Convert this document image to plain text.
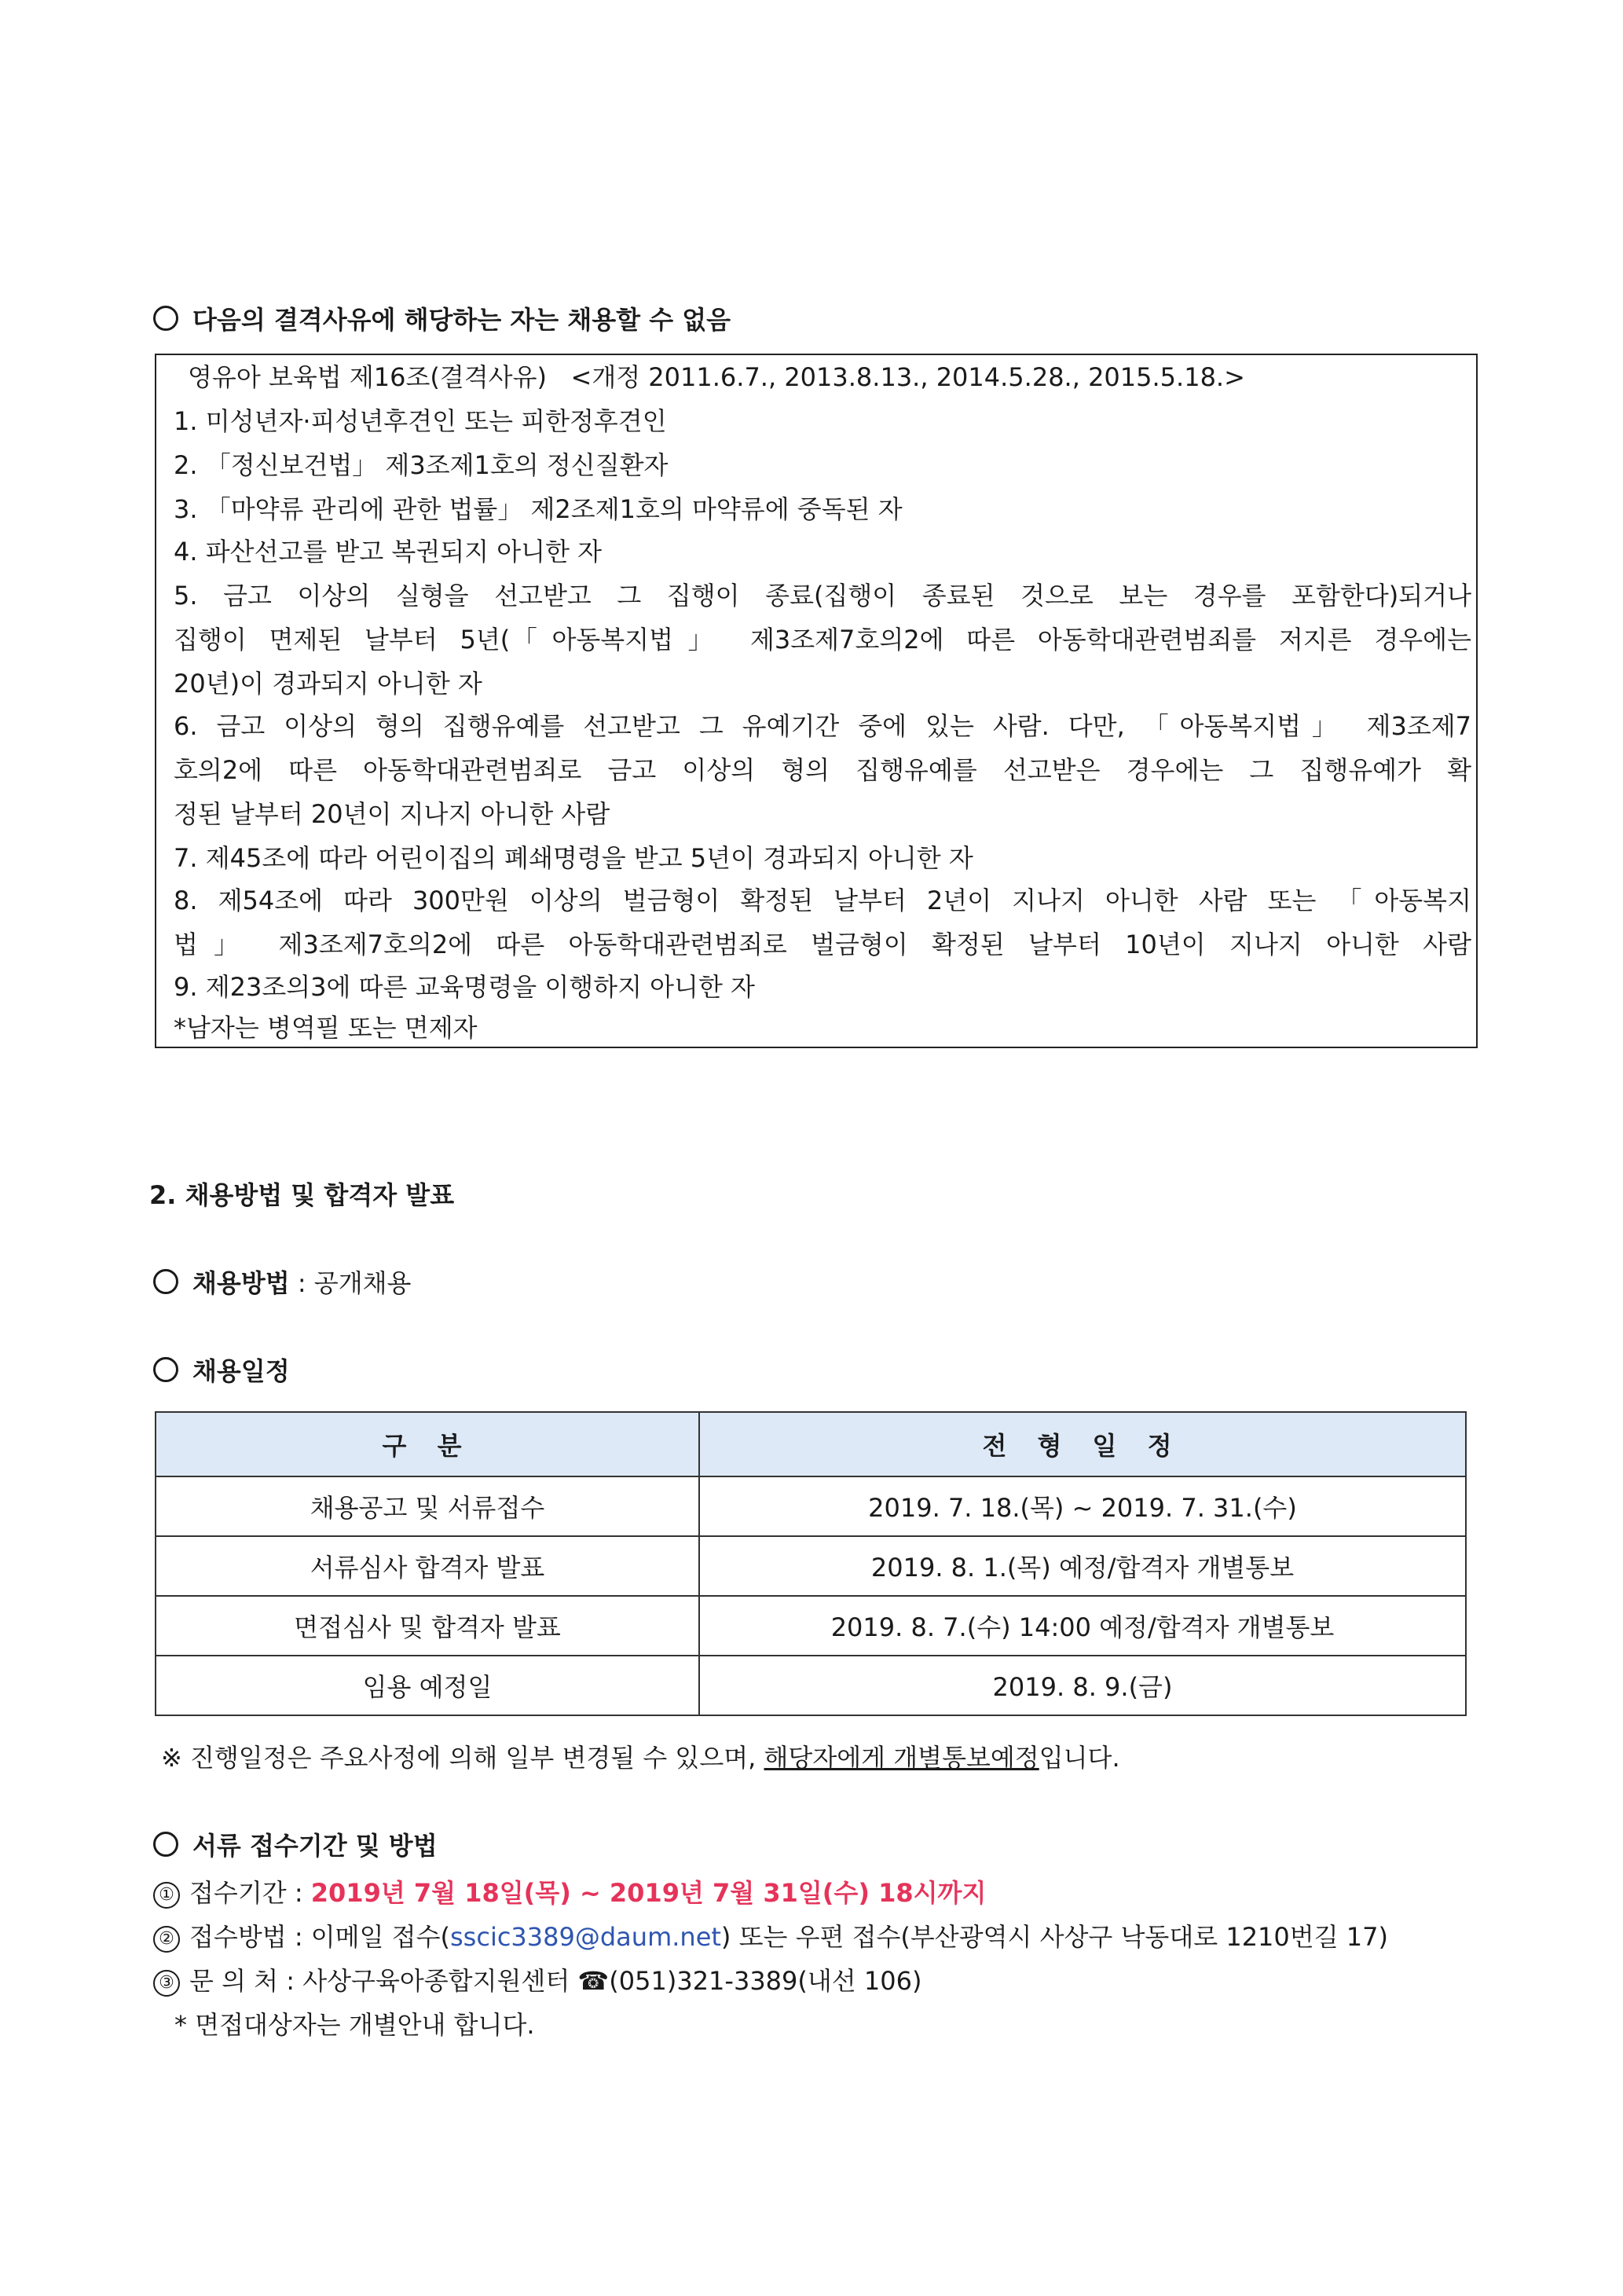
다음의 결격사유에 해당하는 자는 채용할 수 없음
영유아 보육법 제16조(결격사유) <개정 2011.6.7., 2013.8.13., 2014.5.28., 2015.5.18.>
1. 미성년자·피성년후견인 또는 피한정후견인
2. 「정신보건법」 제3조제1호의 정신질환자
3. 「마약류 관리에 관한 법률」 제2조제1호의 마약류에 중독된 자
4. 파산선고를 받고 복권되지 아니한 자
5. 금고 이상의 실형을 선고받고 그 집행이 종료(집행이 종료된 것으로 보는 경우를 포함한다)되거나
집행이 면제된 날부터 5년(「아동복지법」 제3조제7호의2에 따른 아동학대관련범죄를 저지른 경우에는
20년)이 경과되지 아니한 자
6. 금고 이상의 형의 집행유예를 선고받고 그 유예기간 중에 있는 사람. 다만, 「아동복지법」 제3조제7
호의2에 따른 아동학대관련범죄로 금고 이상의 형의 집행유예를 선고받은 경우에는 그 집행유예가 확
정된 날부터 20년이 지나지 아니한 사람
7. 제45조에 따라 어린이집의 폐쇄명령을 받고 5년이 경과되지 아니한 자
8. 제54조에 따라 300만원 이상의 벌금형이 확정된 날부터 2년이 지나지 아니한 사람 또는 「아동복지
법」 제3조제7호의2에 따른 아동학대관련범죄로 벌금형이 확정된 날부터 10년이 지나지 아니한 사람
9. 제23조의3에 따른 교육명령을 이행하지 아니한 자
*남자는 병역필 또는 면제자
2. 채용방법 및 합격자 발표
채용방법 : 공개채용
채용일정
구 분	전 형 일 정
채용공고 및 서류접수	2019. 7. 18.(목) ~ 2019. 7. 31.(수)
서류심사 합격자 발표	2019. 8. 1.(목) 예정/합격자 개별통보
면접심사 및 합격자 발표	2019. 8. 7.(수) 14:00 예정/합격자 개별통보
임용 예정일	2019. 8. 9.(금)
※ 진행일정은 주요사정에 의해 일부 변경될 수 있으며, 해당자에게 개별통보예정입니다.
서류 접수기간 및 방법
① 접수기간 : 2019년 7월 18일(목) ~ 2019년 7월 31일(수) 18시까지
② 접수방법 : 이메일 접수(sscic3389@daum.net) 또는 우편 접수(부산광역시 사상구 낙동대로 1210번길 17)
③ 문 의 처 : 사상구육아종합지원센터 ☎(051)321-3389(내선 106)
* 면접대상자는 개별안내 합니다.
